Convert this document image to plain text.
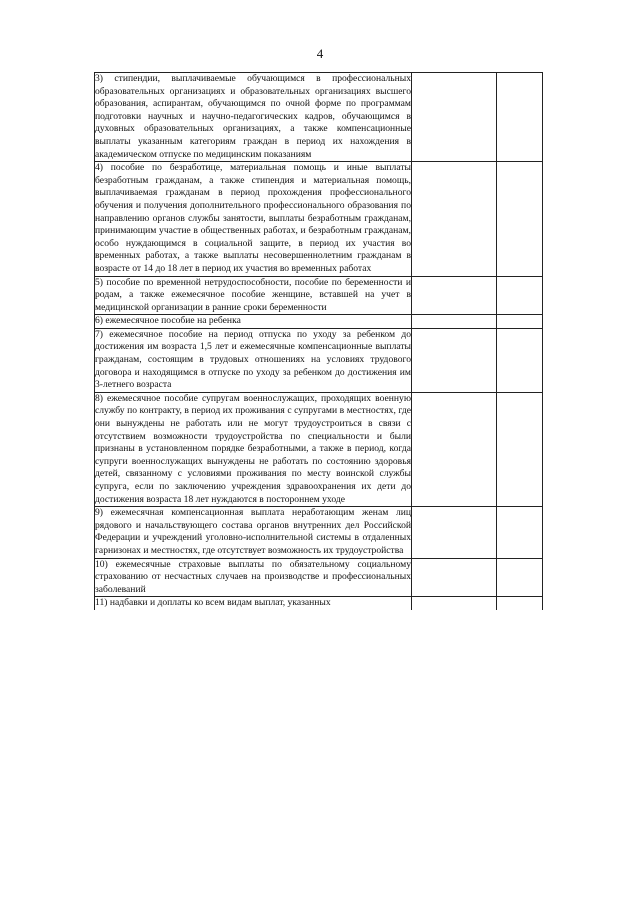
4
3) стипендии, выплачиваемые обучающимся в профессиональных образовательных организациях и образовательных организациях высшего образования, аспирантам, обучающимся по очной форме по программам подготовки научных и научно-педагогических кадров, обучающимся в духовных образовательных организациях, а также компенсационные выплаты указанным категориям граждан в период их нахождения в академическом отпуске по медицинским показаниям		

4) пособие по безработице, материальная помощь и иные выплаты безработным гражданам, а также стипендия и материальная помощь, выплачиваемая гражданам в период прохождения профессионального обучения и получения дополнительного профессионального образования по направлению органов службы занятости, выплаты безработным гражданам, принимающим участие в общественных работах, и безработным гражданам, особо нуждающимся в социальной защите, в период их участия во временных работах, а также выплаты несовершеннолетним гражданам в возрасте от 14 до 18 лет в период их участия во временных работах		

5) пособие по временной нетрудоспособности, пособие по беременности и родам, а также ежемесячное пособие женщине, вставшей на учет в медицинской организации в ранние сроки беременности		

6) ежемесячное пособие на ребенка		

7) ежемесячное пособие на период отпуска по уходу за ребенком до достижения им возраста 1,5 лет и ежемесячные компенсационные выплаты гражданам, состоящим в трудовых отношениях на условиях трудового договора и находящимся в отпуске по уходу за ребенком до достижения им 3-летнего возраста		

8) ежемесячное пособие супругам военнослужащих, проходящих военную службу по контракту, в период их проживания с супругами в местностях, где они вынуждены не работать или не могут трудоустроиться в связи с отсутствием возможности трудоустройства по специальности и были признаны в установленном порядке безработными, а также в период, когда супруги военнослужащих вынуждены не работать по состоянию здоровья детей, связанному с условиями проживания по месту воинской службы супруга, если по заключению учреждения здравоохранения их дети до достижения возраста 18 лет нуждаются в постороннем уходе		

9) ежемесячная компенсационная выплата неработающим женам лиц рядового и начальствующего состава органов внутренних дел Российской Федерации и учреждений уголовно-исполнительной системы в отдаленных гарнизонах и местностях, где отсутствует возможность их трудоустройства		

10) ежемесячные страховые выплаты по обязательному социальному страхованию от несчастных случаев на производстве и профессиональных заболеваний		

11) надбавки и доплаты ко всем видам выплат, указанных		
